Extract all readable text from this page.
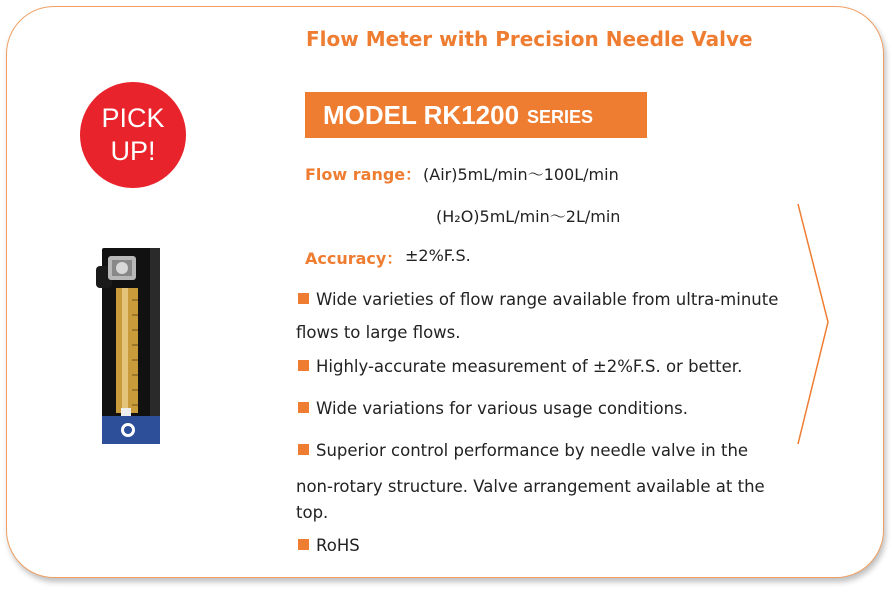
Flow Meter with Precision Needle Valve
PICK
UP!
MODEL RK1200 SERIES
Flow range： (Air)5mL/min～100L/min
(H₂O)5mL/min～2L/min
Accuracy： ±2%F.S.
Wide varieties of flow range available from ultra-minute
flows to large flows.
Highly-accurate measurement of ±2%F.S. or better.
Wide variations for various usage conditions.
Superior control performance by needle valve in the
non-rotary structure. Valve arrangement available at the
top.
RoHS
